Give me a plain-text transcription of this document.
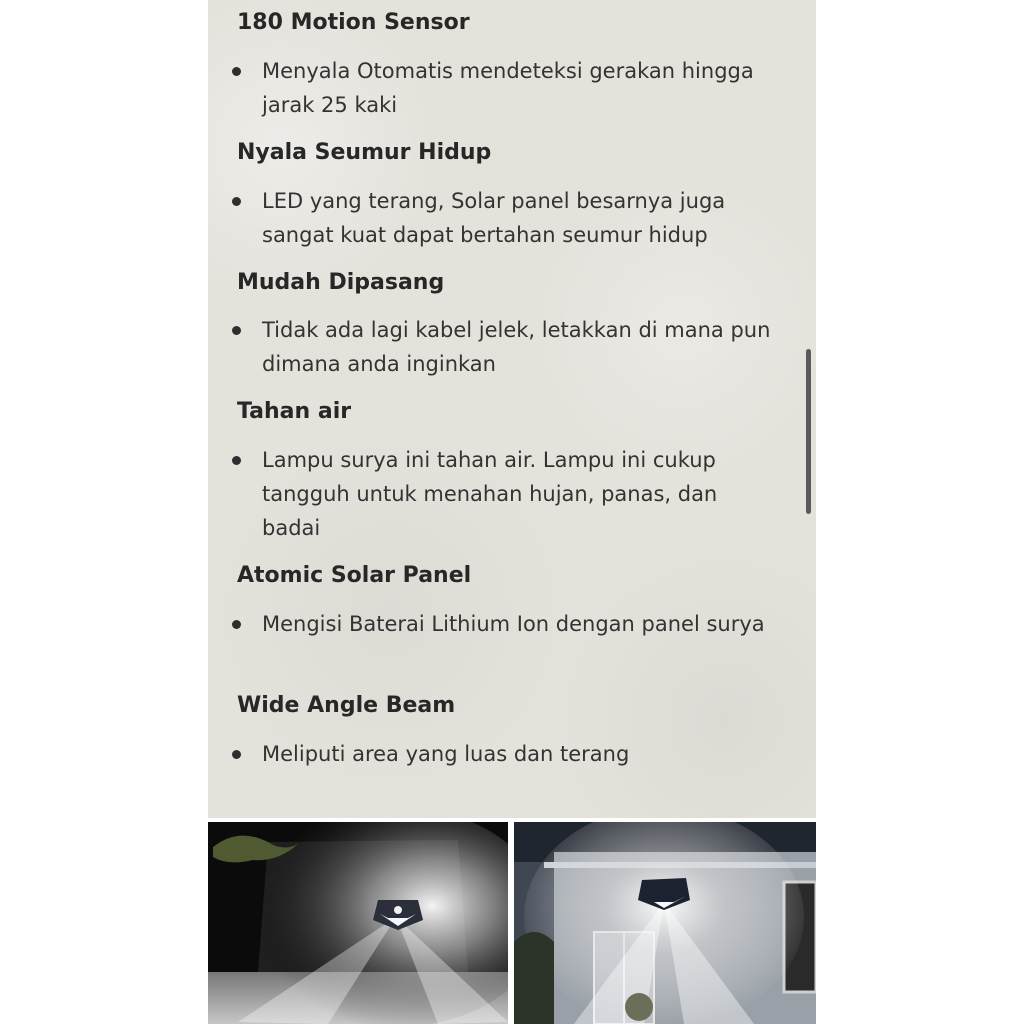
180 Motion Sensor

Menyala Otomatis mendeteksi gerakan hingga jarak 25 kaki

Nyala Seumur Hidup

LED yang terang, Solar panel besarnya juga sangat kuat dapat bertahan seumur hidup

Mudah Dipasang

Tidak ada lagi kabel jelek, letakkan di mana pun dimana anda inginkan

Tahan air

Lampu surya ini tahan air. Lampu ini cukup tangguh untuk menahan hujan, panas, dan badai

Atomic Solar Panel

Mengisi Baterai Lithium Ion dengan panel surya

Wide Angle Beam

Meliputi area yang luas dan terang
